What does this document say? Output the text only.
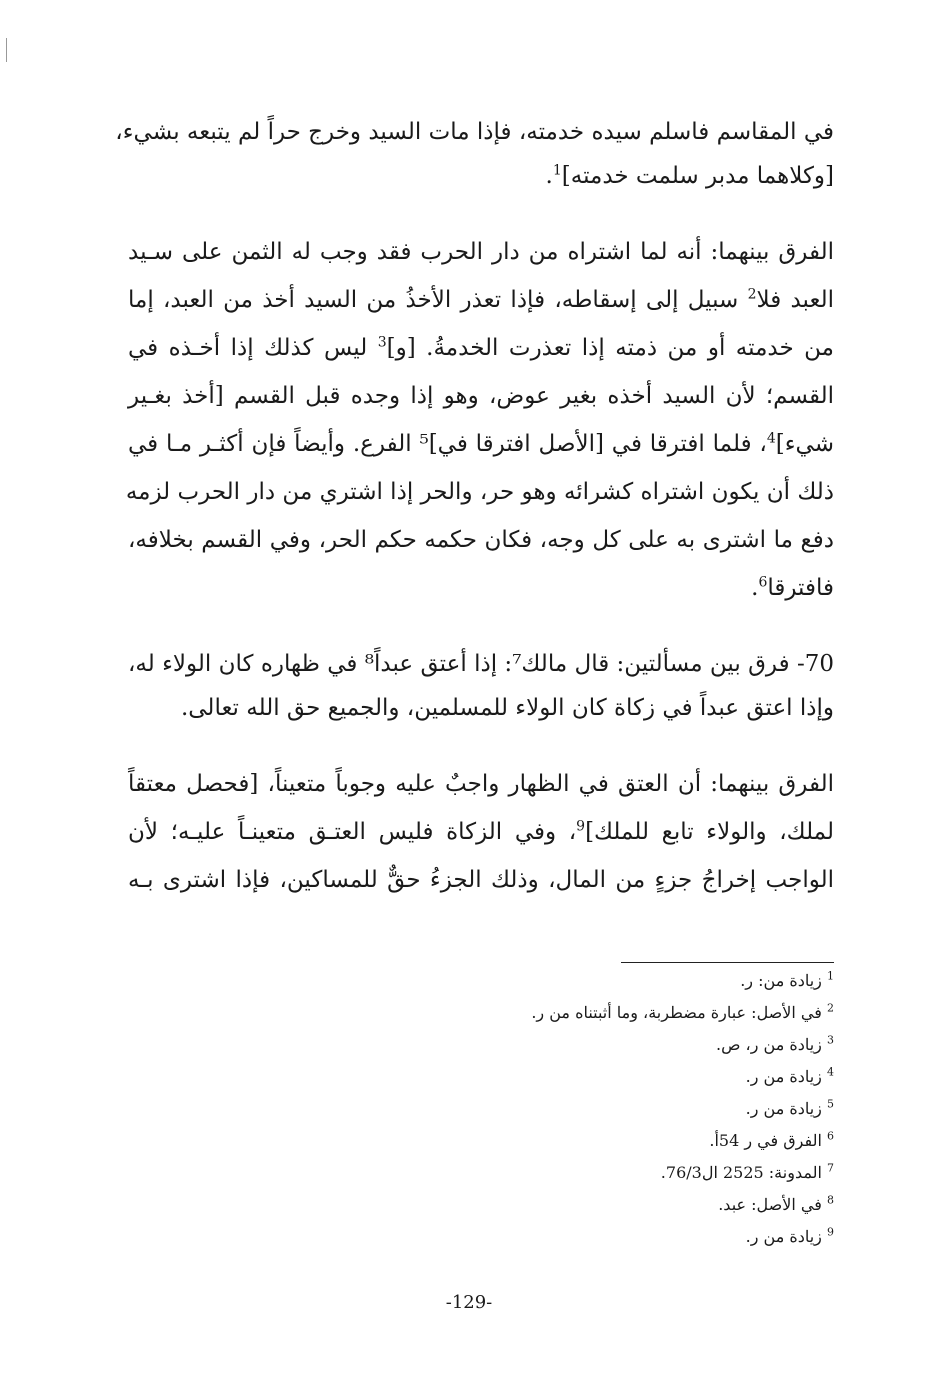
في المقاسم فاسلم سيده خدمته، فإذا مات السيد وخرج حراً لم يتبعه بشيء،
[وكلاهما مدبر سلمت خدمته]$^1$.
الفرق بينهما: أنه لما اشتراه من دار الحرب فقد وجب له الثمن على سـيد
العبد فلا$^2$ سبيل إلى إسقاطه، فإذا تعذر الأخذُ من السيد أخذ من العبد، إما
من خدمته أو من ذمته إذا تعذرت الخدمةُ. [و]$^3$ ليس كذلك إذا أخـذه في
القسم؛ لأن السيد أخذه بغير عوض، وهو إذا وجده قبل القسم [أخذ بغـير
شيء]$^4$، فلما افترقا في [الأصل افترقا في]⁵ الفرع. وأيضاً فإن أكثـر مـا في
ذلك أن يكون اشتراه كشرائه وهو حر، والحر إذا اشتري من دار الحرب لزمه
دفع ما اشترى به على كل وجه، فكان حكمه حكم الحر، وفي القسم بخلافه،
فافترقا$^6$.
70- فرق بين مسألتين: قال مالك⁷: إذا أعتق عبداً⁸ في ظهاره كان الولاء له،
وإذا اعتق عبداً في زكاة كان الولاء للمسلمين، والجميع حق الله تعالى.
الفرق بينهما: أن العتق في الظهار واجبٌ عليه وجوباً متعيناً، [فحصل معتقاً
لملك، والولاء تابع للملك]$^9$، وفي الزكاة فليس العتـق متعينـاً عليـه؛ لأن
الواجب إخراجُ جزءٍ من المال، وذلك الجزءُ حقٌّ للمساكين، فإذا اشترى بـه
$^1$ زيادة من: ر.
$^2$ في الأصل: عبارة مضطربة، وما أثبتناه من ر.
$^3$ زيادة من ر، ص.
$^4$ زيادة من ر.
$^5$ زيادة من ر.
$^6$ الفرق في ر 54أ.
$^7$ المدونة: 2525 ال76/3.
$^8$ في الأصل: عبد.
$^9$ زيادة من ر.
-129-
